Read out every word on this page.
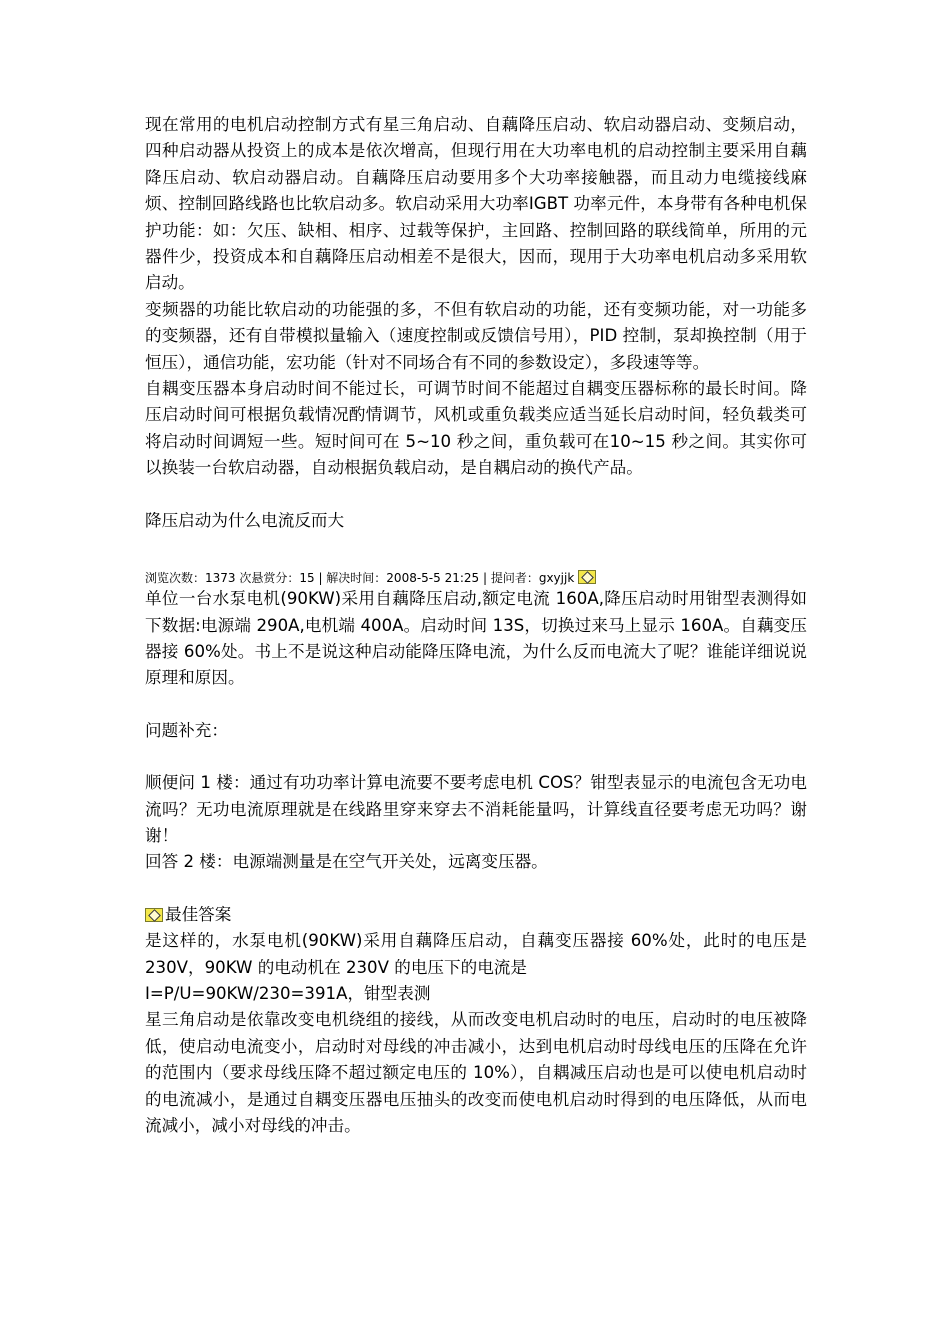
现在常用的电机启动控制方式有星三角启动、自藕降压启动、软启动器启动、变频启动，四种启动器从投资上的成本是依次增高，但现行用在大功率电机的启动控制主要采用自藕降压启动、软启动器启动。自藕降压启动要用多个大功率接触器，而且动力电缆接线麻烦、控制回路线路也比软启动多。软启动采用大功率IGBT 功率元件，本身带有各种电机保护功能：如：欠压、缺相、相序、过载等保护，主回路、控制回路的联线简单，所用的元器件少，投资成本和自藕降压启动相差不是很大，因而，现用于大功率电机启动多采用软启动。

变频器的功能比软启动的功能强的多，不但有软启动的功能，还有变频功能，对一功能多的变频器，还有自带模拟量输入（速度控制或反馈信号用），PID 控制，泵却换控制（用于恒压），通信功能，宏功能（针对不同场合有不同的参数设定），多段速等等。

自耦变压器本身启动时间不能过长，可调节时间不能超过自耦变压器标称的最长时间。降压启动时间可根据负载情况酌情调节，风机或重负载类应适当延长启动时间，轻负载类可将启动时间调短一些。短时间可在 5~10 秒之间，重负载可在10~15 秒之间。其实你可以换装一台软启动器，自动根据负载启动，是自耦启动的换代产品。

降压启动为什么电流反而大

浏览次数：1373 次悬赏分：15 | 解决时间：2008-5-5 21:25 | 提问者：gxyjjk

单位一台水泵电机(90KW)采用自藕降压启动,额定电流 160A,降压启动时用钳型表测得如下数据:电源端 290A,电机端 400A。启动时间 13S，切换过来马上显示 160A。自藕变压器接 60%处。书上不是说这种启动能降压降电流，为什么反而电流大了呢？谁能详细说说原理和原因。

问题补充：

顺便问 1 楼：通过有功功率计算电流要不要考虑电机 COS？钳型表显示的电流包含无功电流吗？无功电流原理就是在线路里穿来穿去不消耗能量吗，计算线直径要考虑无功吗？谢谢！

回答 2 楼：电源端测量是在空气开关处，远离变压器。

最佳答案

是这样的，水泵电机(90KW)采用自藕降压启动，自藕变压器接 60%处，此时的电压是 230V，90KW 的电动机在 230V 的电压下的电流是

I=P/U=90KW/230=391A，钳型表测

星三角启动是依靠改变电机绕组的接线，从而改变电机启动时的电压，启动时的电压被降低，使启动电流变小，启动时对母线的冲击减小，达到电机启动时母线电压的压降在允许的范围内（要求母线压降不超过额定电压的 10%），自耦减压启动也是可以使电机启动时的电流减小，是通过自耦变压器电压抽头的改变而使电机启动时得到的电压降低，从而电流减小，减小对母线的冲击。
